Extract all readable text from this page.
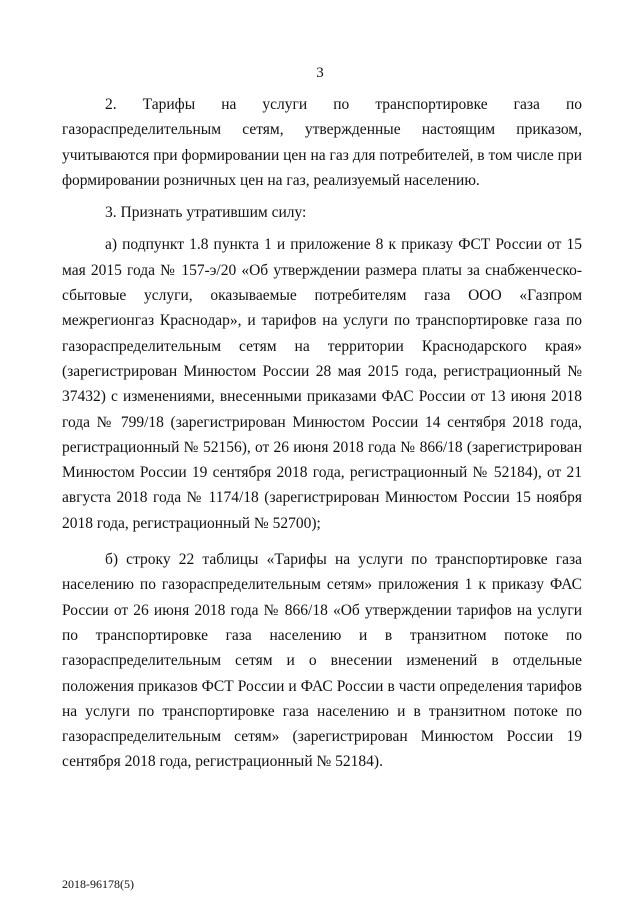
3

2. Тарифы на услуги по транспортировке газа по газораспределительным сетям, утвержденные настоящим приказом, учитываются при формировании цен на газ для потребителей, в том числе при формировании розничных цен на газ, реализуемый населению.

3. Признать утратившим силу:

а) подпункт 1.8 пункта 1 и приложение 8 к приказу ФСТ России от 15 мая 2015 года № 157-э/20 «Об утверждении размера платы за снабженческо-сбытовые услуги, оказываемые потребителям газа ООО «Газпром межрегионгаз Краснодар», и тарифов на услуги по транспортировке газа по газораспределительным сетям на территории Краснодарского края» (зарегистрирован Минюстом России 28 мая 2015 года, регистрационный № 37432) с изменениями, внесенными приказами ФАС России от 13 июня 2018 года № 799/18 (зарегистрирован Минюстом России 14 сентября 2018 года, регистрационный № 52156), от 26 июня 2018 года № 866/18 (зарегистрирован Минюстом России 19 сентября 2018 года, регистрационный № 52184), от 21 августа 2018 года № 1174/18 (зарегистрирован Минюстом России 15 ноября 2018 года, регистрационный № 52700);

б) строку 22 таблицы «Тарифы на услуги по транспортировке газа населению по газораспределительным сетям» приложения 1 к приказу ФАС России от 26 июня 2018 года № 866/18 «Об утверждении тарифов на услуги по транспортировке газа населению и в транзитном потоке по газораспределительным сетям и о внесении изменений в отдельные положения приказов ФСТ России и ФАС России в части определения тарифов на услуги по транспортировке газа населению и в транзитном потоке по газораспределительным сетям» (зарегистрирован Минюстом России 19 сентября 2018 года, регистрационный № 52184).

2018-96178(5)
